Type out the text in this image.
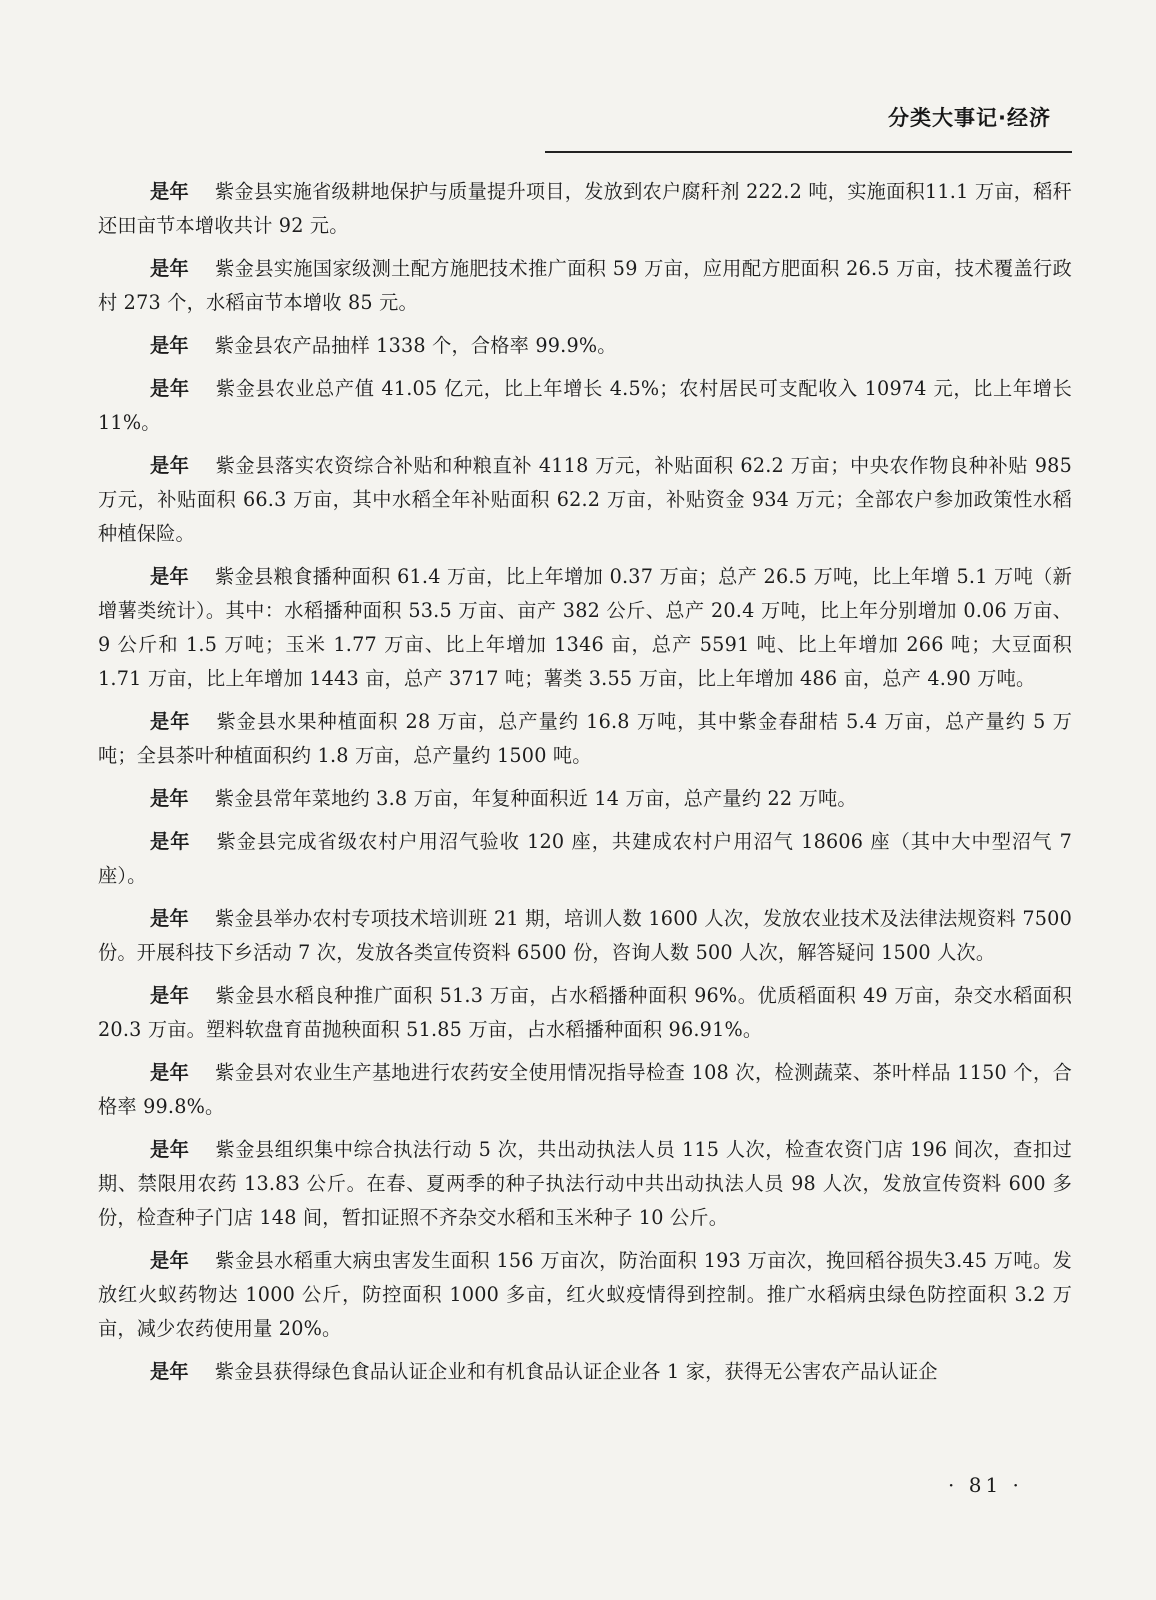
分类大事记·经济

是年 紫金县实施省级耕地保护与质量提升项目，发放到农户腐秆剂 222.2 吨，实施面积11.1 万亩，稻秆还田亩节本增收共计 92 元。

是年 紫金县实施国家级测土配方施肥技术推广面积 59 万亩，应用配方肥面积 26.5 万亩，技术覆盖行政村 273 个，水稻亩节本增收 85 元。

是年 紫金县农产品抽样 1338 个，合格率 99.9%。

是年 紫金县农业总产值 41.05 亿元，比上年增长 4.5%；农村居民可支配收入 10974 元，比上年增长 11%。

是年 紫金县落实农资综合补贴和种粮直补 4118 万元，补贴面积 62.2 万亩；中央农作物良种补贴 985 万元，补贴面积 66.3 万亩，其中水稻全年补贴面积 62.2 万亩，补贴资金 934 万元；全部农户参加政策性水稻种植保险。

是年 紫金县粮食播种面积 61.4 万亩，比上年增加 0.37 万亩；总产 26.5 万吨，比上年增 5.1 万吨（新增薯类统计）。其中：水稻播种面积 53.5 万亩、亩产 382 公斤、总产 20.4 万吨，比上年分别增加 0.06 万亩、9 公斤和 1.5 万吨；玉米 1.77 万亩、比上年增加 1346 亩，总产 5591 吨、比上年增加 266 吨；大豆面积 1.71 万亩，比上年增加 1443 亩，总产 3717 吨；薯类 3.55 万亩，比上年增加 486 亩，总产 4.90 万吨。

是年 紫金县水果种植面积 28 万亩，总产量约 16.8 万吨，其中紫金春甜桔 5.4 万亩，总产量约 5 万吨；全县茶叶种植面积约 1.8 万亩，总产量约 1500 吨。

是年 紫金县常年菜地约 3.8 万亩，年复种面积近 14 万亩，总产量约 22 万吨。

是年 紫金县完成省级农村户用沼气验收 120 座，共建成农村户用沼气 18606 座（其中大中型沼气 7 座）。

是年 紫金县举办农村专项技术培训班 21 期，培训人数 1600 人次，发放农业技术及法律法规资料 7500 份。开展科技下乡活动 7 次，发放各类宣传资料 6500 份，咨询人数 500 人次，解答疑问 1500 人次。

是年 紫金县水稻良种推广面积 51.3 万亩，占水稻播种面积 96%。优质稻面积 49 万亩，杂交水稻面积 20.3 万亩。塑料软盘育苗抛秧面积 51.85 万亩，占水稻播种面积 96.91%。

是年 紫金县对农业生产基地进行农药安全使用情况指导检查 108 次，检测蔬菜、茶叶样品 1150 个，合格率 99.8%。

是年 紫金县组织集中综合执法行动 5 次，共出动执法人员 115 人次，检查农资门店 196 间次，查扣过期、禁限用农药 13.83 公斤。在春、夏两季的种子执法行动中共出动执法人员 98 人次，发放宣传资料 600 多份，检查种子门店 148 间，暂扣证照不齐杂交水稻和玉米种子 10 公斤。

是年 紫金县水稻重大病虫害发生面积 156 万亩次，防治面积 193 万亩次，挽回稻谷损失3.45 万吨。发放红火蚁药物达 1000 公斤，防控面积 1000 多亩，红火蚁疫情得到控制。推广水稻病虫绿色防控面积 3.2 万亩，减少农药使用量 20%。

是年 紫金县获得绿色食品认证企业和有机食品认证企业各 1 家，获得无公害农产品认证企

· 81 ·
